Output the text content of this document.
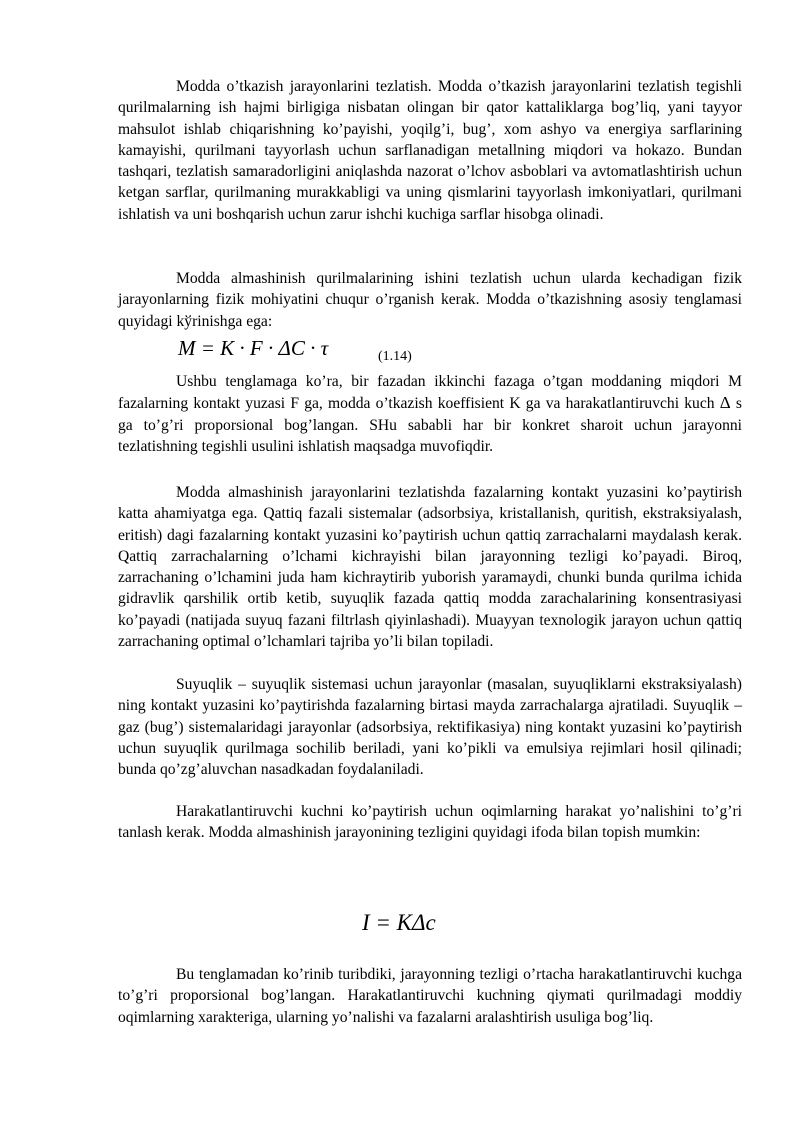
Modda o’tkazish jarayonlarini tezlatish. Modda o’tkazish jarayonlarini tezlatish tegishli qurilmalarning ish hajmi birligiga nisbatan olingan bir qator kattaliklarga bog’liq, yani tayyor mahsulot ishlab chiqarishning ko’payishi, yoqilg’i, bug’, xom ashyo va energiya sarflarining kamayishi, qurilmani tayyorlash uchun sarflanadigan metallning miqdori va hokazo. Bundan tashqari, tezlatish samaradorligini aniqlashda nazorat o’lchov asboblari va avtomatlashtirish uchun ketgan sarflar, qurilmaning murakkabligi va uning qismlarini tayyorlash imkoniyatlari, qurilmani ishlatish va uni boshqarish uchun zarur ishchi kuchiga sarflar hisobga olinadi.

Modda almashinish qurilmalarining ishini tezlatish uchun ularda kechadigan fizik jarayonlarning fizik mohiyatini chuqur o’rganish kerak. Modda o’tkazishning asosiy tenglamasi quyidagi kўrinishga ega:

M = K · F · ΔC · τ	(1.14)

Ushbu tenglamaga ko’ra, bir fazadan ikkinchi fazaga o’tgan moddaning miqdori M fazalarning kontakt yuzasi F ga, modda o’tkazish koeffisient K ga va harakatlantiruvchi kuch Δ s ga to’g’ri proporsional bog’langan. SHu sababli har bir konkret sharoit uchun jarayonni tezlatishning tegishli usulini ishlatish maqsadga muvofiqdir.

Modda almashinish jarayonlarini tezlatishda fazalarning kontakt yuzasini ko’paytirish katta ahamiyatga ega. Qattiq fazali sistemalar (adsorbsiya, kristallanish, quritish, ekstraksiyalash, eritish) dagi fazalarning kontakt yuzasini ko’paytirish uchun qattiq zarrachalarni maydalash kerak. Qattiq zarrachalarning o’lchami kichrayishi bilan jarayonning tezligi ko’payadi. Biroq, zarrachaning o’lchamini juda ham kichraytirib yuborish yaramaydi, chunki bunda qurilma ichida gidravlik qarshilik ortib ketib, suyuqlik fazada qattiq modda zarachalarining konsentrasiyasi ko’payadi (natijada suyuq fazani filtrlash qiyinlashadi). Muayyan texnologik jarayon uchun qattiq zarrachaning optimal o’lchamlari tajriba yo’li bilan topiladi.

Suyuqlik – suyuqlik sistemasi uchun jarayonlar (masalan, suyuqliklarni ekstraksiyalash) ning kontakt yuzasini ko’paytirishda fazalarning birtasi mayda zarrachalarga ajratiladi. Suyuqlik – gaz (bug’) sistemalaridagi jarayonlar (adsorbsiya, rektifikasiya) ning kontakt yuzasini ko’paytirish uchun suyuqlik qurilmaga sochilib beriladi, yani ko’pikli va emulsiya rejimlari hosil qilinadi; bunda qo’zg’aluvchan nasadkadan foydalaniladi.

Harakatlantiruvchi kuchni ko’paytirish uchun oqimlarning harakat yo’nalishini to’g’ri tanlash kerak. Modda almashinish jarayonining tezligini quyidagi ifoda bilan topish mumkin:

I = KΔc

Bu tenglamadan ko’rinib turibdiki, jarayonning tezligi o’rtacha harakatlantiruvchi kuchga to’g’ri proporsional bog’langan. Harakatlantiruvchi kuchning qiymati qurilmadagi moddiy oqimlarning xarakteriga, ularning yo’nalishi va fazalarni aralashtirish usuliga bog’liq.
